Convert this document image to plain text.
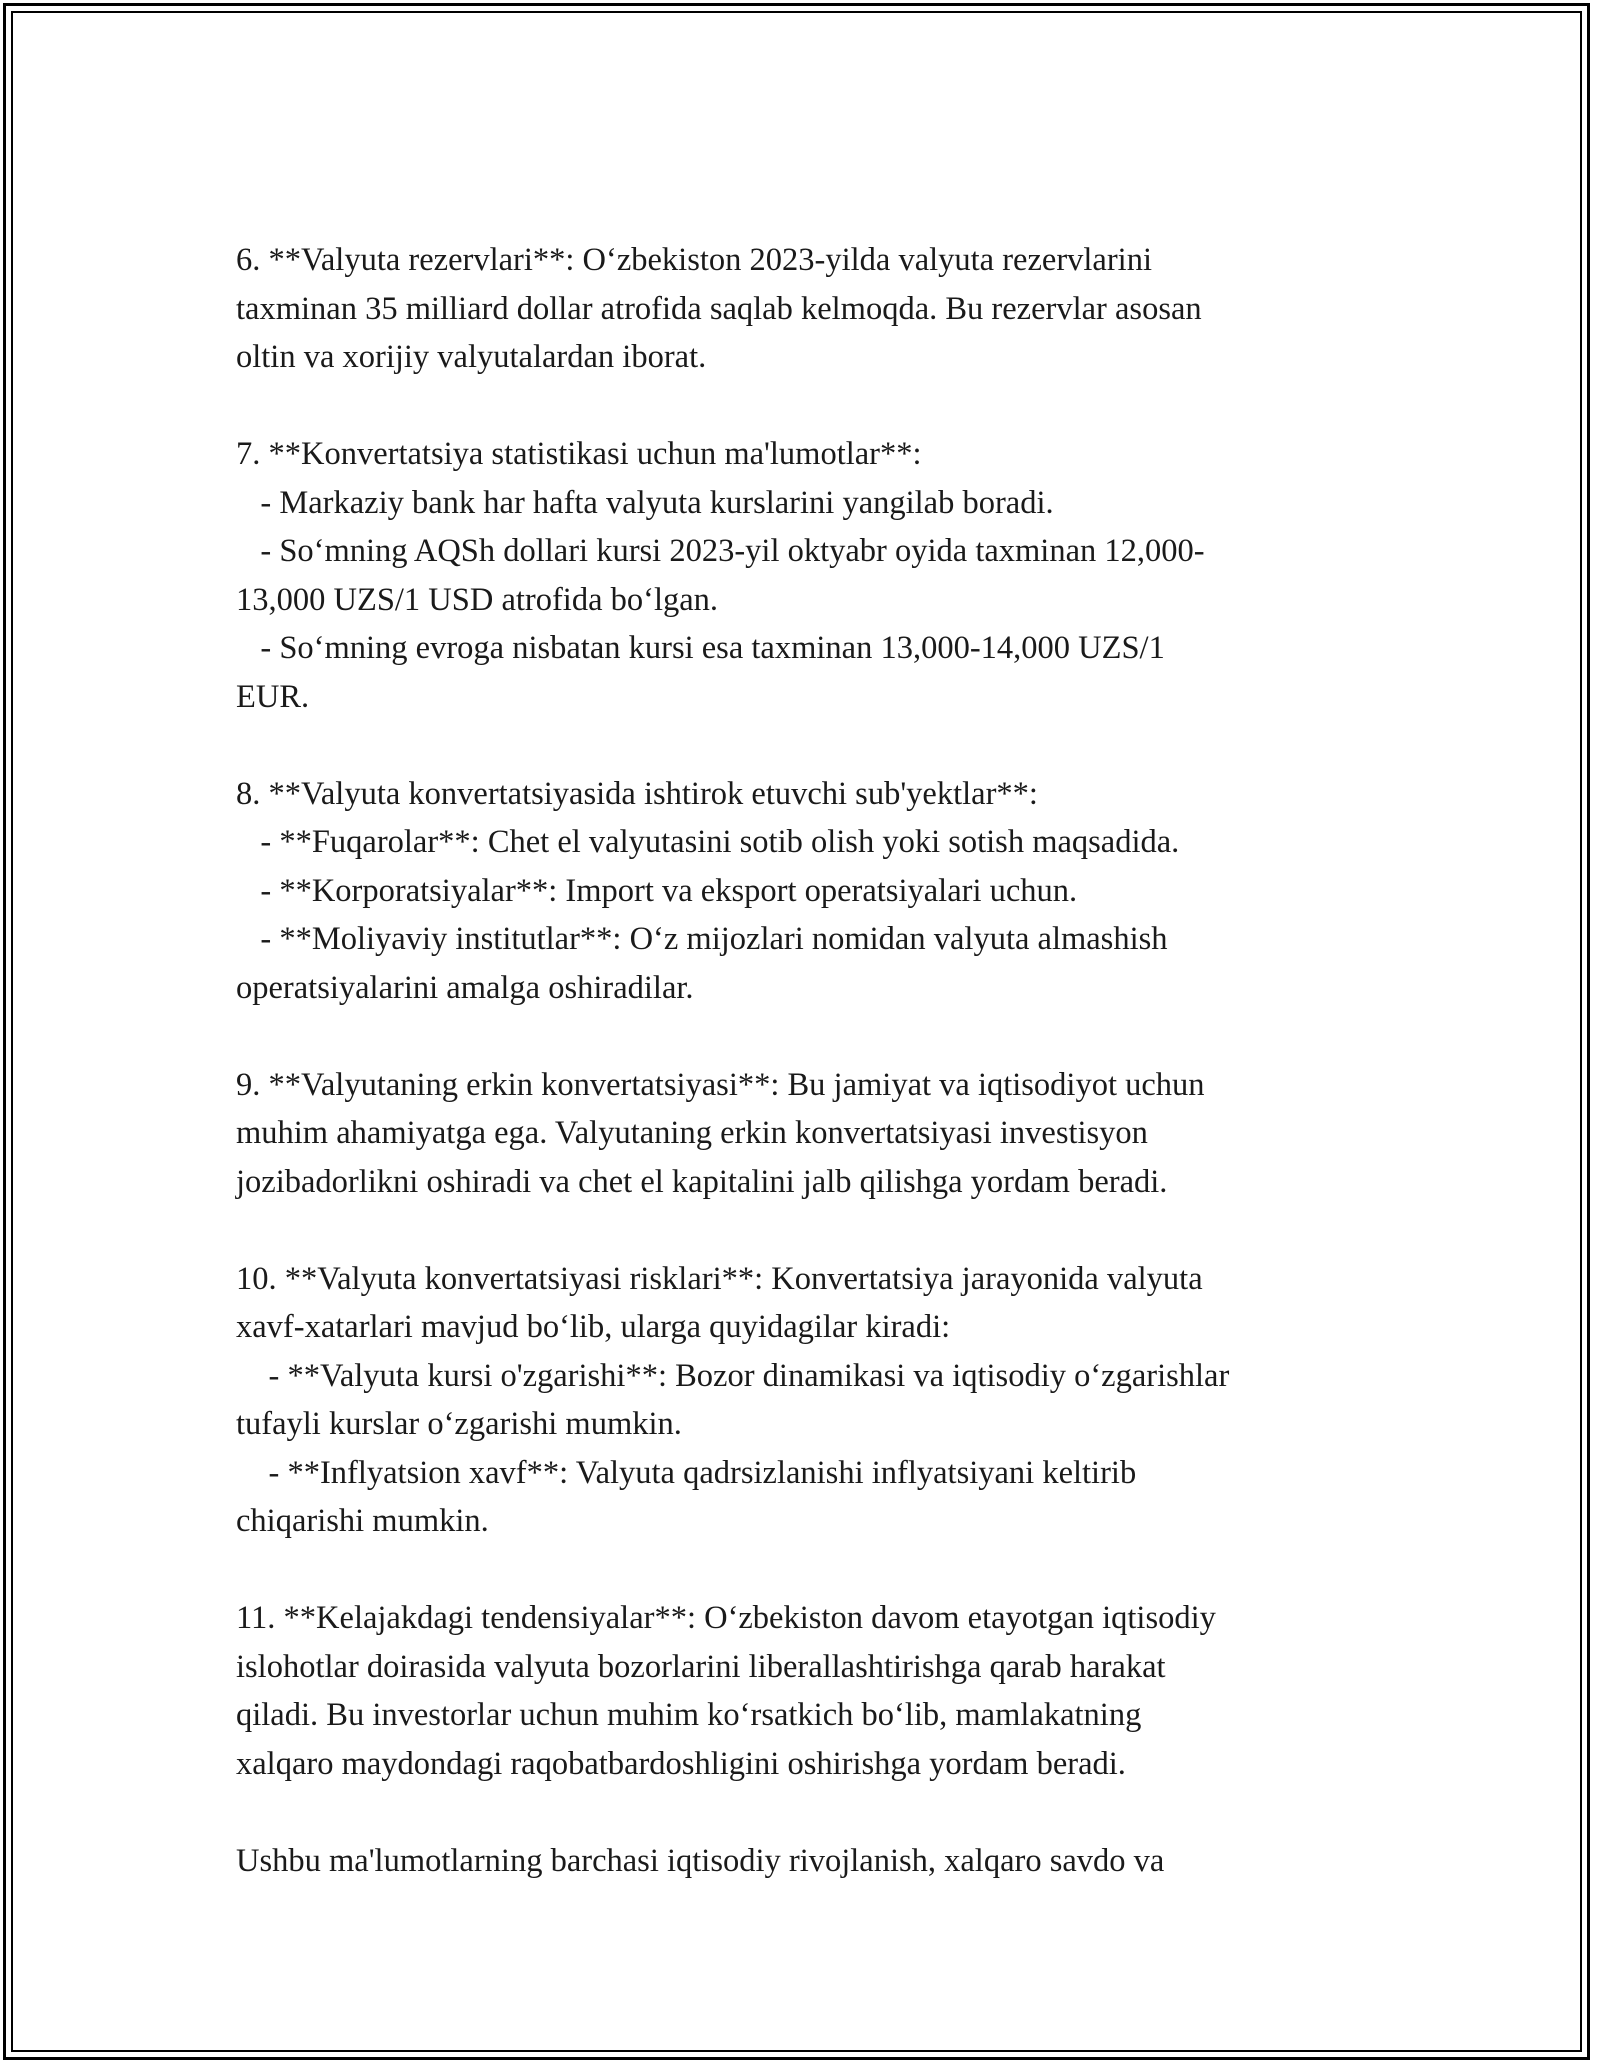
6. **Valyuta rezervlari**: O‘zbekiston 2023-yilda valyuta rezervlarini
taxminan 35 milliard dollar atrofida saqlab kelmoqda. Bu rezervlar asosan
oltin va xorijiy valyutalardan iborat.

7. **Konvertatsiya statistikasi uchun ma'lumotlar**:
- Markaziy bank har hafta valyuta kurslarini yangilab boradi.
- So‘mning AQSh dollari kursi 2023-yil oktyabr oyida taxminan 12,000-
13,000 UZS/1 USD atrofida bo‘lgan.
- So‘mning evroga nisbatan kursi esa taxminan 13,000-14,000 UZS/1
EUR.

8. **Valyuta konvertatsiyasida ishtirok etuvchi sub'yektlar**:
- **Fuqarolar**: Chet el valyutasini sotib olish yoki sotish maqsadida.
- **Korporatsiyalar**: Import va eksport operatsiyalari uchun.
- **Moliyaviy institutlar**: O‘z mijozlari nomidan valyuta almashish
operatsiyalarini amalga oshiradilar.

9. **Valyutaning erkin konvertatsiyasi**: Bu jamiyat va iqtisodiyot uchun
muhim ahamiyatga ega. Valyutaning erkin konvertatsiyasi investisyon
jozibadorlikni oshiradi va chet el kapitalini jalb qilishga yordam beradi.

10. **Valyuta konvertatsiyasi risklari**: Konvertatsiya jarayonida valyuta
xavf-xatarlari mavjud bo‘lib, ularga quyidagilar kiradi:
- **Valyuta kursi o'zgarishi**: Bozor dinamikasi va iqtisodiy o‘zgarishlar
tufayli kurslar o‘zgarishi mumkin.
- **Inflyatsion xavf**: Valyuta qadrsizlanishi inflyatsiyani keltirib
chiqarishi mumkin.

11. **Kelajakdagi tendensiyalar**: O‘zbekiston davom etayotgan iqtisodiy
islohotlar doirasida valyuta bozorlarini liberallashtirishga qarab harakat
qiladi. Bu investorlar uchun muhim ko‘rsatkich bo‘lib, mamlakatning
xalqaro maydondagi raqobatbardoshligini oshirishga yordam beradi.

Ushbu ma'lumotlarning barchasi iqtisodiy rivojlanish, xalqaro savdo va
